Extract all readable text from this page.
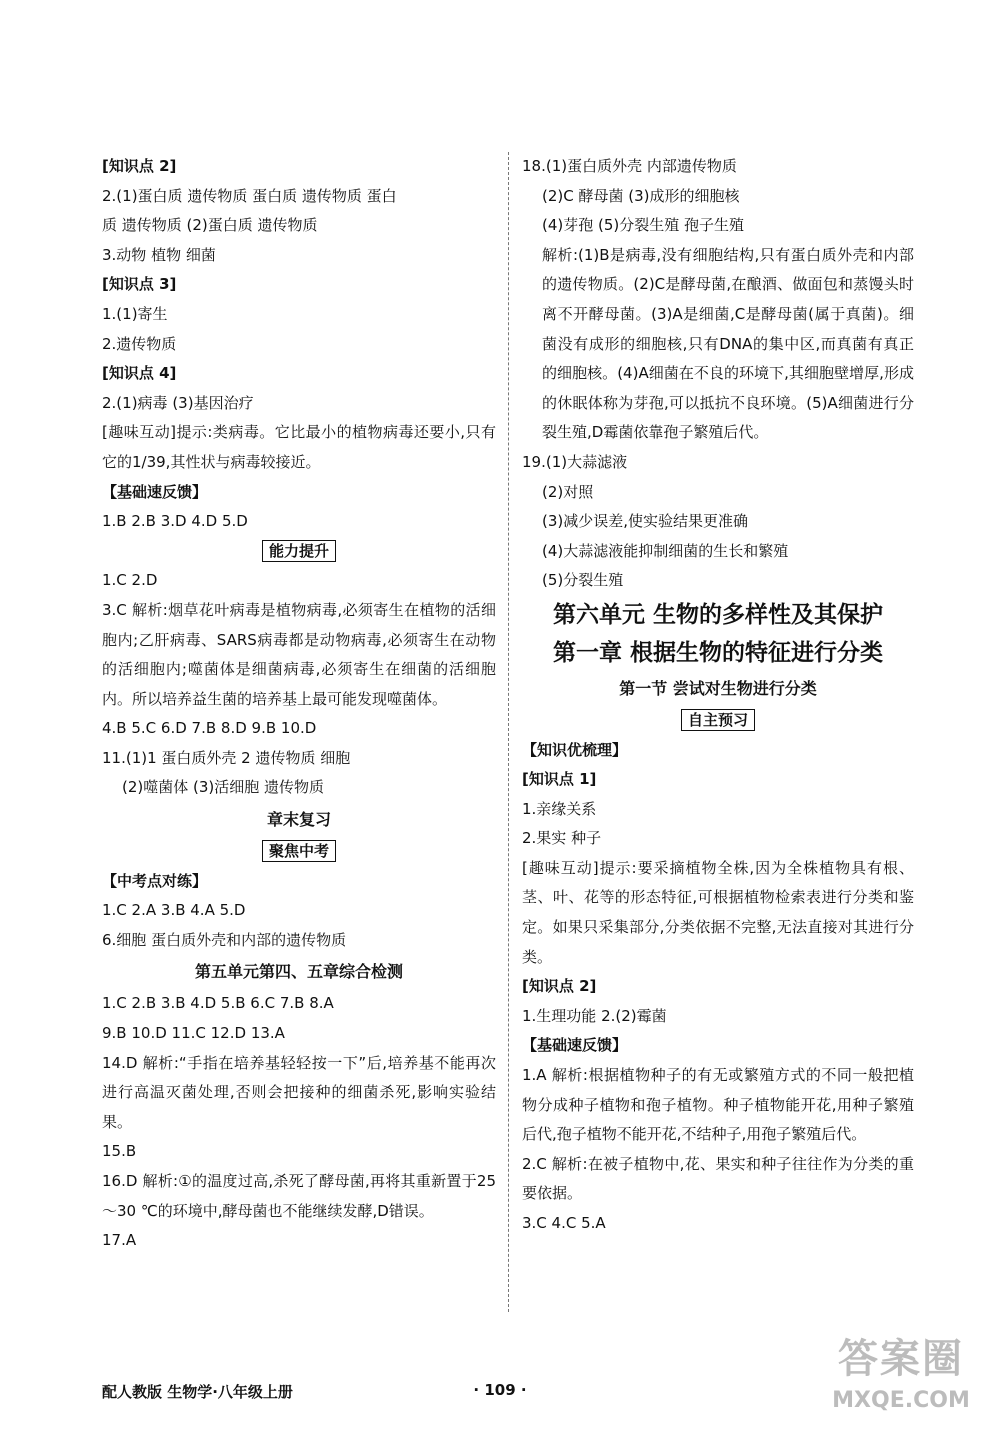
[知识点 2]
2.(1)蛋白质 遗传物质 蛋白质 遗传物质 蛋白
质 遗传物质 (2)蛋白质 遗传物质
3.动物 植物 细菌
[知识点 3]
1.(1)寄生
2.遗传物质
[知识点 4]
2.(1)病毒 (3)基因治疗
[趣味互动]提示:类病毒。它比最小的植物病毒还要小,只有它的1/39,其性状与病毒较接近。
【基础速反馈】
1.B 2.B 3.D 4.D 5.D
能力提升
1.C 2.D
3.C 解析:烟草花叶病毒是植物病毒,必须寄生在植物的活细胞内;乙肝病毒、SARS病毒都是动物病毒,必须寄生在动物的活细胞内;噬菌体是细菌病毒,必须寄生在细菌的活细胞内。所以培养益生菌的培养基上最可能发现噬菌体。
4.B 5.C 6.D 7.B 8.D 9.B 10.D
11.(1)1 蛋白质外壳 2 遗传物质 细胞
(2)噬菌体 (3)活细胞 遗传物质
章末复习
聚焦中考
【中考点对练】
1.C 2.A 3.B 4.A 5.D
6.细胞 蛋白质外壳和内部的遗传物质
第五单元第四、五章综合检测
1.C 2.B 3.B 4.D 5.B 6.C 7.B 8.A
9.B 10.D 11.C 12.D 13.A
14.D 解析:“手指在培养基轻轻按一下”后,培养基不能再次进行高温灭菌处理,否则会把接种的细菌杀死,影响实验结果。
15.B
16.D 解析:①的温度过高,杀死了酵母菌,再将其重新置于25～30 ℃的环境中,酵母菌也不能继续发酵,D错误。
17.A
18.(1)蛋白质外壳 内部遗传物质
(2)C 酵母菌 (3)成形的细胞核
(4)芽孢 (5)分裂生殖 孢子生殖
解析:(1)B是病毒,没有细胞结构,只有蛋白质外壳和内部的遗传物质。(2)C是酵母菌,在酿酒、做面包和蒸馒头时离不开酵母菌。(3)A是细菌,C是酵母菌(属于真菌)。细菌没有成形的细胞核,只有DNA的集中区,而真菌有真正的细胞核。(4)A细菌在不良的环境下,其细胞壁增厚,形成的休眠体称为芽孢,可以抵抗不良环境。(5)A细菌进行分裂生殖,D霉菌依靠孢子繁殖后代。
19.(1)大蒜滤液
(2)对照
(3)减少误差,使实验结果更准确
(4)大蒜滤液能抑制细菌的生长和繁殖
(5)分裂生殖
第六单元 生物的多样性及其保护
第一章 根据生物的特征进行分类
第一节 尝试对生物进行分类
自主预习
【知识优梳理】
[知识点 1]
1.亲缘关系
2.果实 种子
[趣味互动]提示:要采摘植物全株,因为全株植物具有根、茎、叶、花等的形态特征,可根据植物检索表进行分类和鉴定。如果只采集部分,分类依据不完整,无法直接对其进行分类。
[知识点 2]
1.生理功能 2.(2)霉菌
【基础速反馈】
1.A 解析:根据植物种子的有无或繁殖方式的不同一般把植物分成种子植物和孢子植物。种子植物能开花,用种子繁殖后代,孢子植物不能开花,不结种子,用孢子繁殖后代。
2.C 解析:在被子植物中,花、果实和种子往往作为分类的重要依据。
3.C 4.C 5.A
配人教版 生物学·八年级上册	· 109 ·
答案圈
MXQE.COM
